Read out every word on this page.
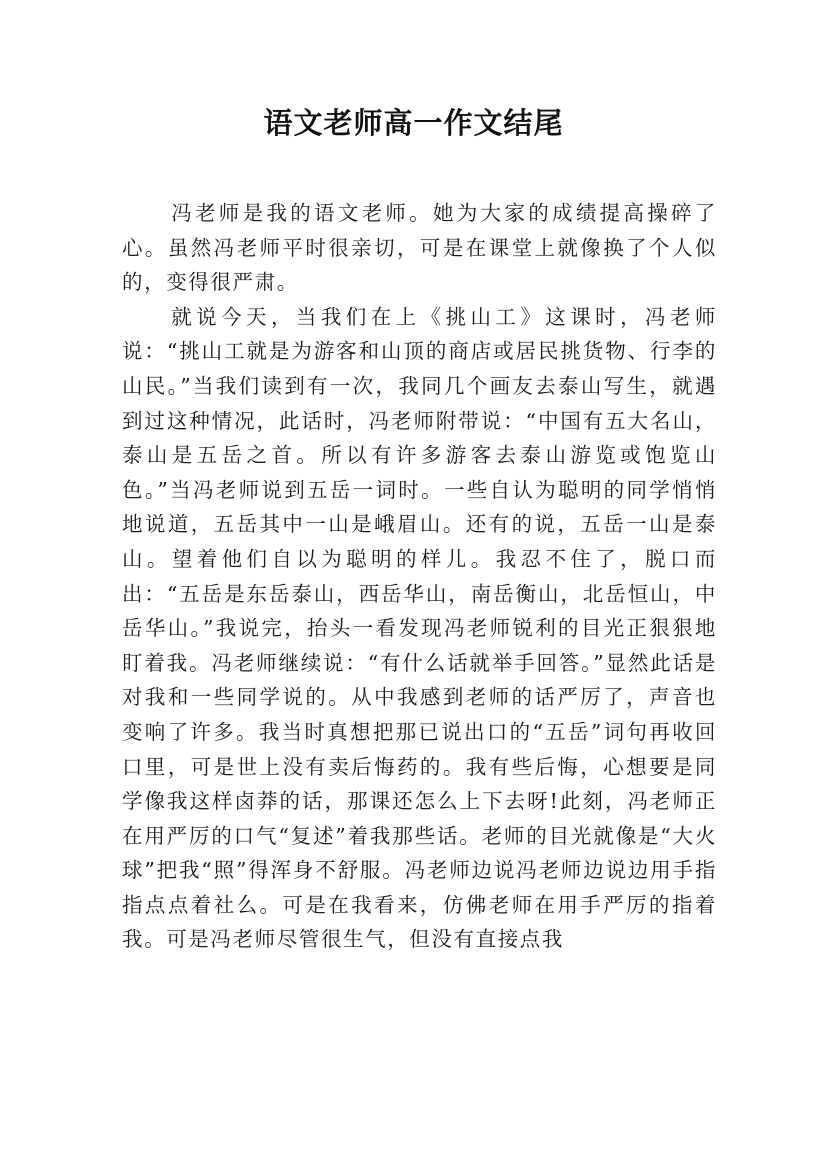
语文老师高一作文结尾

冯老师是我的语文老师。她为大家的成绩提高操碎了心。虽然冯老师平时很亲切，可是在课堂上就像换了个人似的，变得很严肃。

就说今天，当我们在上《挑山工》这课时，冯老师说：“挑山工就是为游客和山顶的商店或居民挑货物、行李的山民。”当我们读到有一次，我同几个画友去泰山写生，就遇到过这种情况，此话时，冯老师附带说：“中国有五大名山，泰山是五岳之首。所以有许多游客去泰山游览或饱览山色。”当冯老师说到五岳一词时。一些自认为聪明的同学悄悄地说道，五岳其中一山是峨眉山。还有的说，五岳一山是泰山。望着他们自以为聪明的样儿。我忍不住了，脱口而出：“五岳是东岳泰山，西岳华山，南岳衡山，北岳恒山，中岳华山。”我说完，抬头一看发现冯老师锐利的目光正狠狠地盯着我。冯老师继续说：“有什么话就举手回答。”显然此话是对我和一些同学说的。从中我感到老师的话严厉了，声音也变响了许多。我当时真想把那已说出口的“五岳”词句再收回口里，可是世上没有卖后悔药的。我有些后悔，心想要是同学像我这样卤莽的话，那课还怎么上下去呀!此刻，冯老师正在用严厉的口气“复述”着我那些话。老师的目光就像是“大火球”把我“照”得浑身不舒服。冯老师边说冯老师边说边用手指指点点着社么。可是在我看来，仿佛老师在用手严厉的指着我。可是冯老师尽管很生气，但没有直接点我
